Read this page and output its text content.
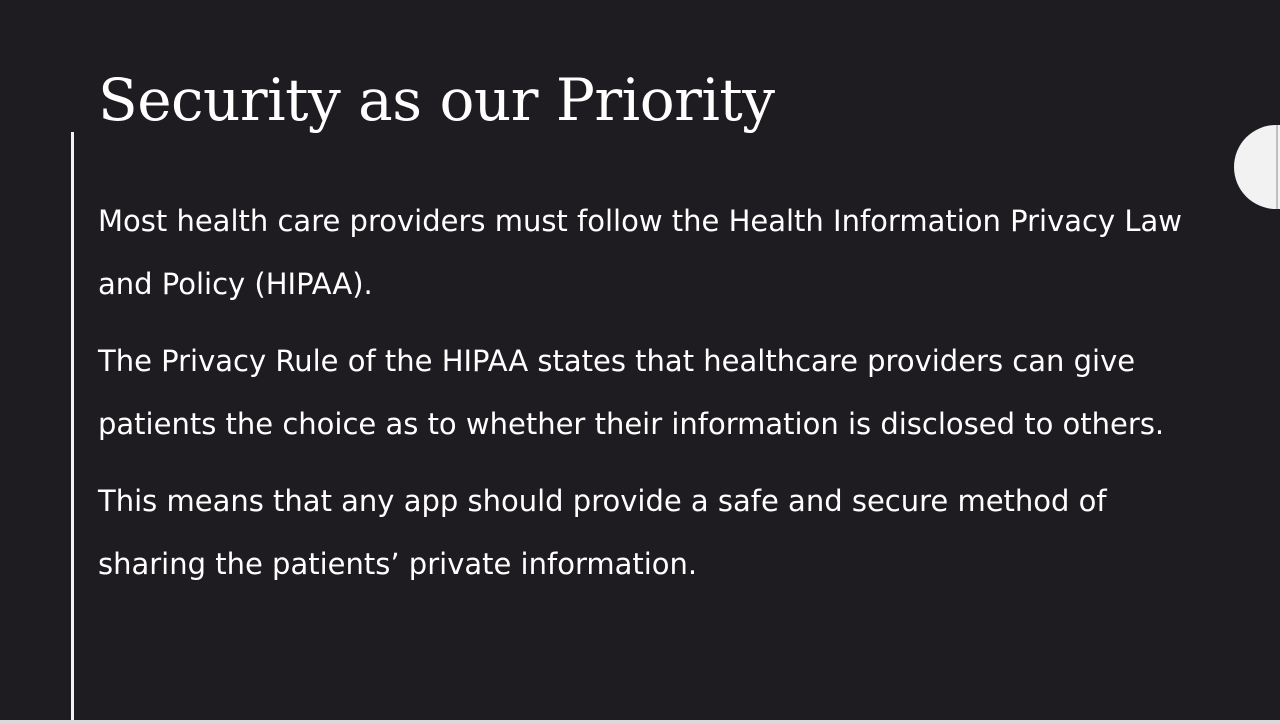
Security as our Priority

Most health care providers must follow the Health Information Privacy Law and Policy (HIPAA).

The Privacy Rule of the HIPAA states that healthcare providers can give patients the choice as to whether their information is disclosed to others.

This means that any app should provide a safe and secure method of sharing the patients’ private information.
